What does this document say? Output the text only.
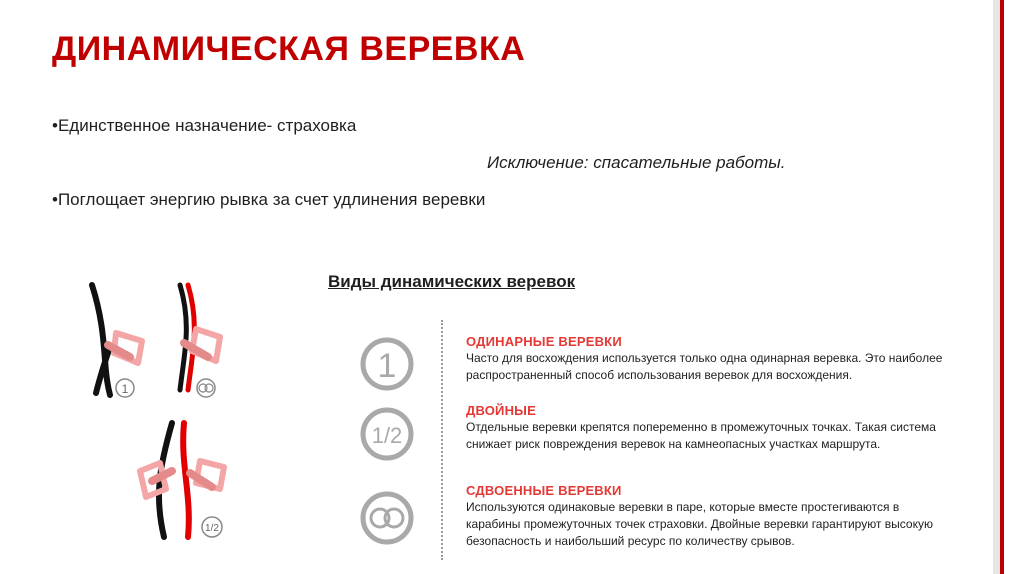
ДИНАМИЧЕСКАЯ ВЕРЕВКА
•Единственное назначение- страховка
Исключение: спасательные работы.
•Поглощает энергию рывка за счет удлинения веревки
Виды динамических веревок
1
1/2
1
1/2
ОДИНАРНЫЕ ВЕРЕВКИ
Часто для восхождения используется только одна одинарная веревка. Это наиболее распространенный способ использования веревок для восхождения.
ДВОЙНЫЕ
Отдельные веревки крепятся попеременно в промежуточных точках. Такая система снижает риск повреждения веревок на камнеопасных участках маршрута.
СДВОЕННЫЕ ВЕРЕВКИ
Используются одинаковые веревки в паре, которые вместе простегиваются в карабины промежуточных точек страховки. Двойные веревки гарантируют высокую безопасность и наибольший ресурс по количеству срывов.
